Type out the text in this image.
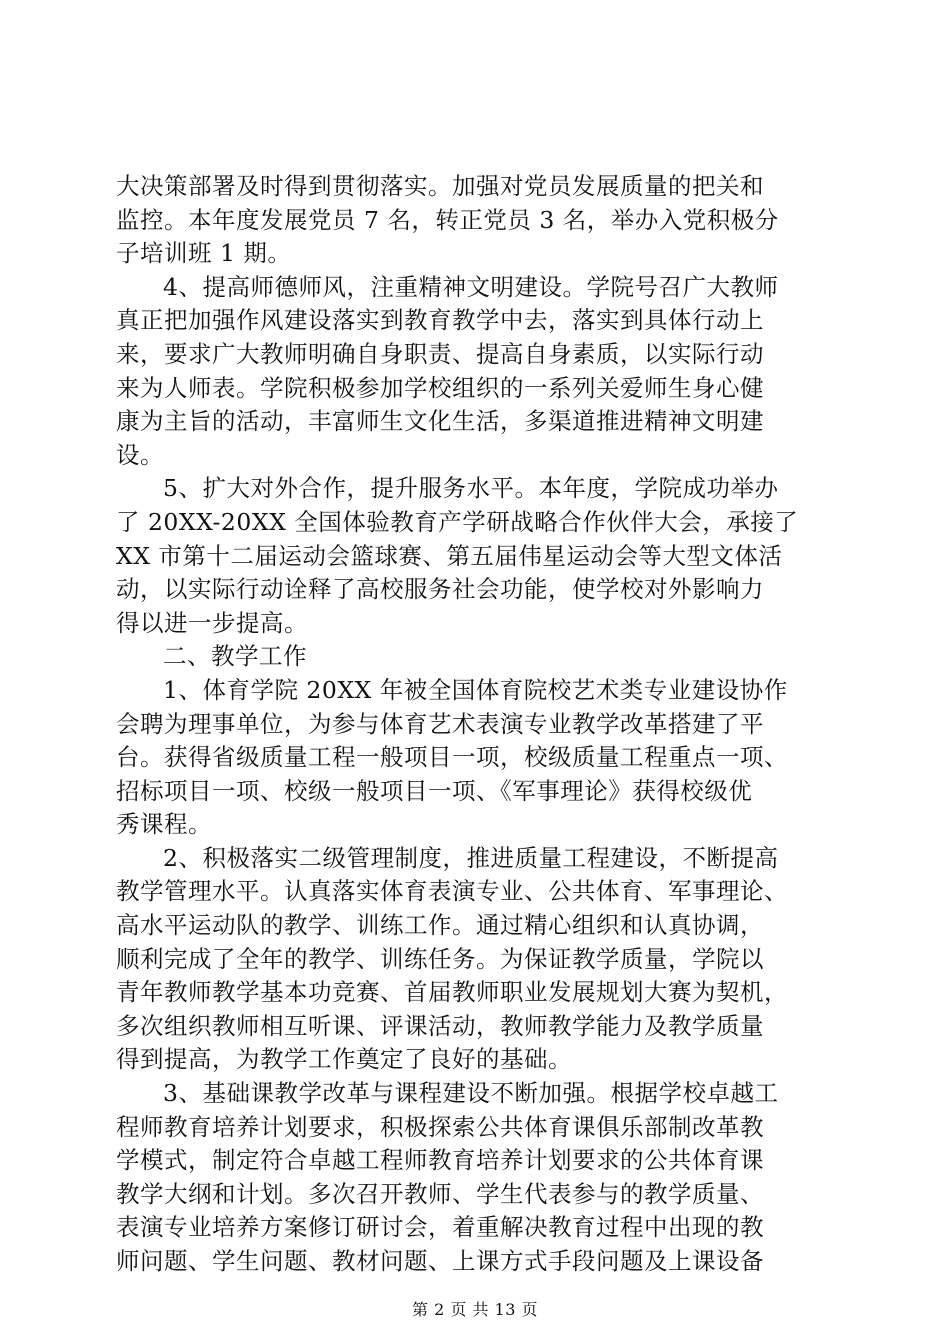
大决策部署及时得到贯彻落实。加强对党员发展质量的把关和
监控。本年度发展党员 7 名，转正党员 3 名，举办入党积极分
子培训班 1 期。
4、提高师德师风，注重精神文明建设。学院号召广大教师
真正把加强作风建设落实到教育教学中去，落实到具体行动上
来，要求广大教师明确自身职责、提高自身素质，以实际行动
来为人师表。学院积极参加学校组织的一系列关爱师生身心健
康为主旨的活动，丰富师生文化生活，多渠道推进精神文明建
设。
5、扩大对外合作，提升服务水平。本年度，学院成功举办
了 20XX-20XX 全国体验教育产学研战略合作伙伴大会，承接了
XX 市第十二届运动会篮球赛、第五届伟星运动会等大型文体活
动，以实际行动诠释了高校服务社会功能，使学校对外影响力
得以进一步提高。
二、教学工作
1、体育学院 20XX 年被全国体育院校艺术类专业建设协作
会聘为理事单位，为参与体育艺术表演专业教学改革搭建了平
台。获得省级质量工程一般项目一项，校级质量工程重点一项、
招标项目一项、校级一般项目一项、《军事理论》获得校级优
秀课程。
2、积极落实二级管理制度，推进质量工程建设，不断提高
教学管理水平。认真落实体育表演专业、公共体育、军事理论、
高水平运动队的教学、训练工作。通过精心组织和认真协调，
顺利完成了全年的教学、训练任务。为保证教学质量，学院以
青年教师教学基本功竞赛、首届教师职业发展规划大赛为契机，
多次组织教师相互听课、评课活动，教师教学能力及教学质量
得到提高，为教学工作奠定了良好的基础。
3、基础课教学改革与课程建设不断加强。根据学校卓越工
程师教育培养计划要求，积极探索公共体育课俱乐部制改革教
学模式，制定符合卓越工程师教育培养计划要求的公共体育课
教学大纲和计划。多次召开教师、学生代表参与的教学质量、
表演专业培养方案修订研讨会，着重解决教育过程中出现的教
师问题、学生问题、教材问题、上课方式手段问题及上课设备
第 2 页 共 13 页
